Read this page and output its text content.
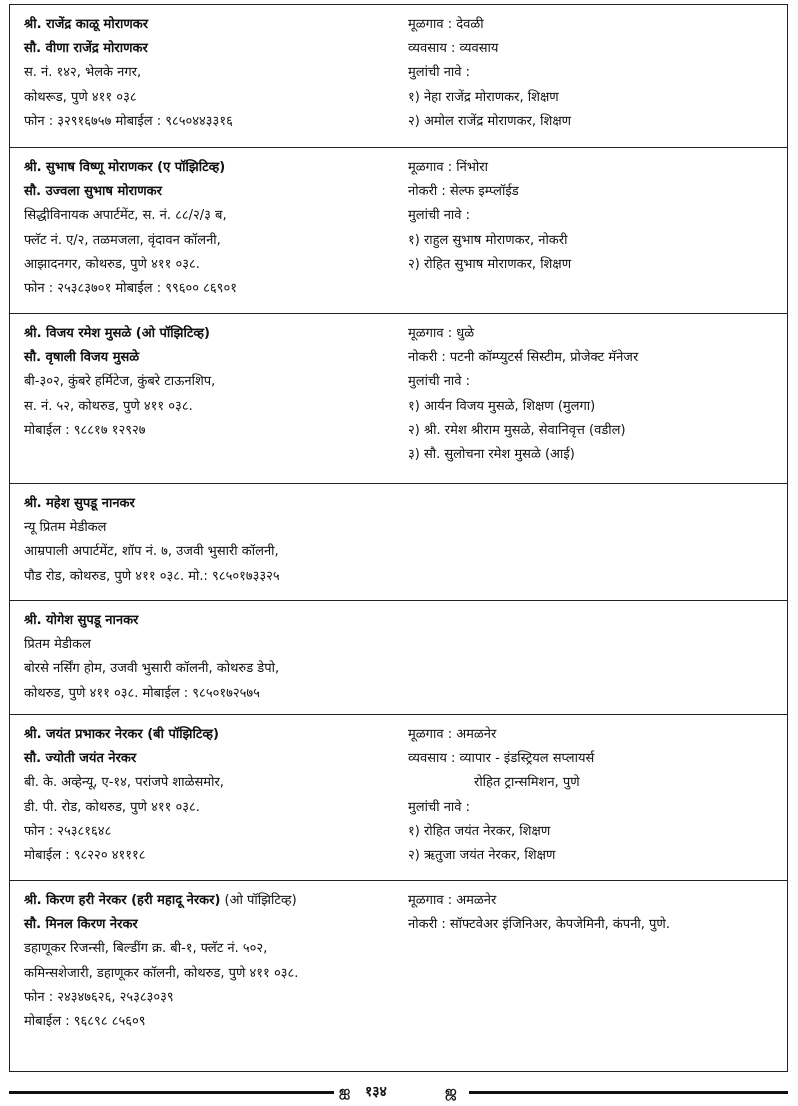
श्री. राजेंद्र काळू मोराणकर
सौ. वीणा राजेंद्र मोराणकर
स. नं. १४२, भेलके नगर,
कोथरूड, पुणे ४११ ०३८
फोन : ३२९१६७५७ मोबाईल : ९८५०४४३३१६
मूळगाव : देवळी
व्यवसाय : व्यवसाय
मुलांची नावे :
१) नेहा राजेंद्र मोराणकर, शिक्षण
२) अमोल राजेंद्र मोराणकर, शिक्षण
श्री. सुभाष विष्णू मोराणकर (ए पॉझिटिव्ह)
सौ. उज्वला सुभाष मोराणकर
सिद्धीविनायक अपार्टमेंट, स. नं. ८८/२/३ ब,
फ्लॅट नं. ए/२, तळमजला, वृंदावन कॉलनी,
आझादनगर, कोथरुड, पुणे ४११ ०३८.
फोन : २५३८३७०१ मोबाईल : ९९६०० ८६९०१
मूळगाव : निंभोरा
नोकरी : सेल्फ इम्प्लॉईड
मुलांची नावे :
१) राहुल सुभाष मोराणकर, नोकरी
२) रोहित सुभाष मोराणकर, शिक्षण
श्री. विजय रमेश मुसळे (ओ पॉझिटिव्ह)
सौ. वृषाली विजय मुसळे
बी-३०२, कुंबरे हर्मिटेज, कुंबरे टाऊनशिप,
स. नं. ५२, कोथरुड, पुणे ४११ ०३८.
मोबाईल : ९८८१७ १२९२७
मूळगाव : धुळे
नोकरी : पटनी कॉम्प्युटर्स सिस्टीम, प्रोजेक्ट मॅनेजर
मुलांची नावे :
१) आर्यन विजय मुसळे, शिक्षण (मुलगा)
२) श्री. रमेश श्रीराम मुसळे, सेवानिवृत्त (वडील)
३) सौ. सुलोचना रमेश मुसळे (आई)
श्री. महेश सुपडू नानकर
न्यू प्रितम मेडीकल
आम्रपाली अपार्टमेंट, शॉप नं. ७, उजवी भुसारी कॉलनी,
पौड रोड, कोथरुड, पुणे ४११ ०३८. मो.: ९८५०१७३३२५
श्री. योगेश सुपडू नानकर
प्रितम मेडीकल
बोरसे नर्सिंग होम, उजवी भुसारी कॉलनी, कोथरुड डेपो,
कोथरुड, पुणे ४११ ०३८. मोबाईल : ९८५०१७२५७५
श्री. जयंत प्रभाकर नेरकर (बी पॉझिटिव्ह)
सौ. ज्योती जयंत नेरकर
बी. के. अव्हेन्यू, ए-१४, परांजपे शाळेसमोर,
डी. पी. रोड, कोथरुड, पुणे ४११ ०३८.
फोन : २५३८१६४८
मोबाईल : ९८२२० ४१११८
मूळगाव : अमळनेर
व्यवसाय : व्यापार - इंडस्ट्रियल सप्लायर्स
रोहित ट्रान्समिशन, पुणे
मुलांची नावे :
१) रोहित जयंत नेरकर, शिक्षण
२) ऋतुजा जयंत नेरकर, शिक्षण
श्री. किरण हरी नेरकर (हरी महादू नेरकर) (ओ पॉझिटिव्ह)
सौ. मिनल किरण नेरकर
डहाणूकर रिजन्सी, बिल्डींग क्र. बी-१, फ्लॅट नं. ५०२,
कमिन्सशेजारी, डहाणूकर कॉलनी, कोथरुड, पुणे ४११ ०३८.
फोन : २४३४७६२६, २५३८३०३९
मोबाईल : ९६८९८ ८५६०९
मूळगाव : अमळनेर
नोकरी : सॉफ्टवेअर इंजिनिअर, केपजेमिनी, कंपनी, पुणे.
ஐ १३४	ஜ
